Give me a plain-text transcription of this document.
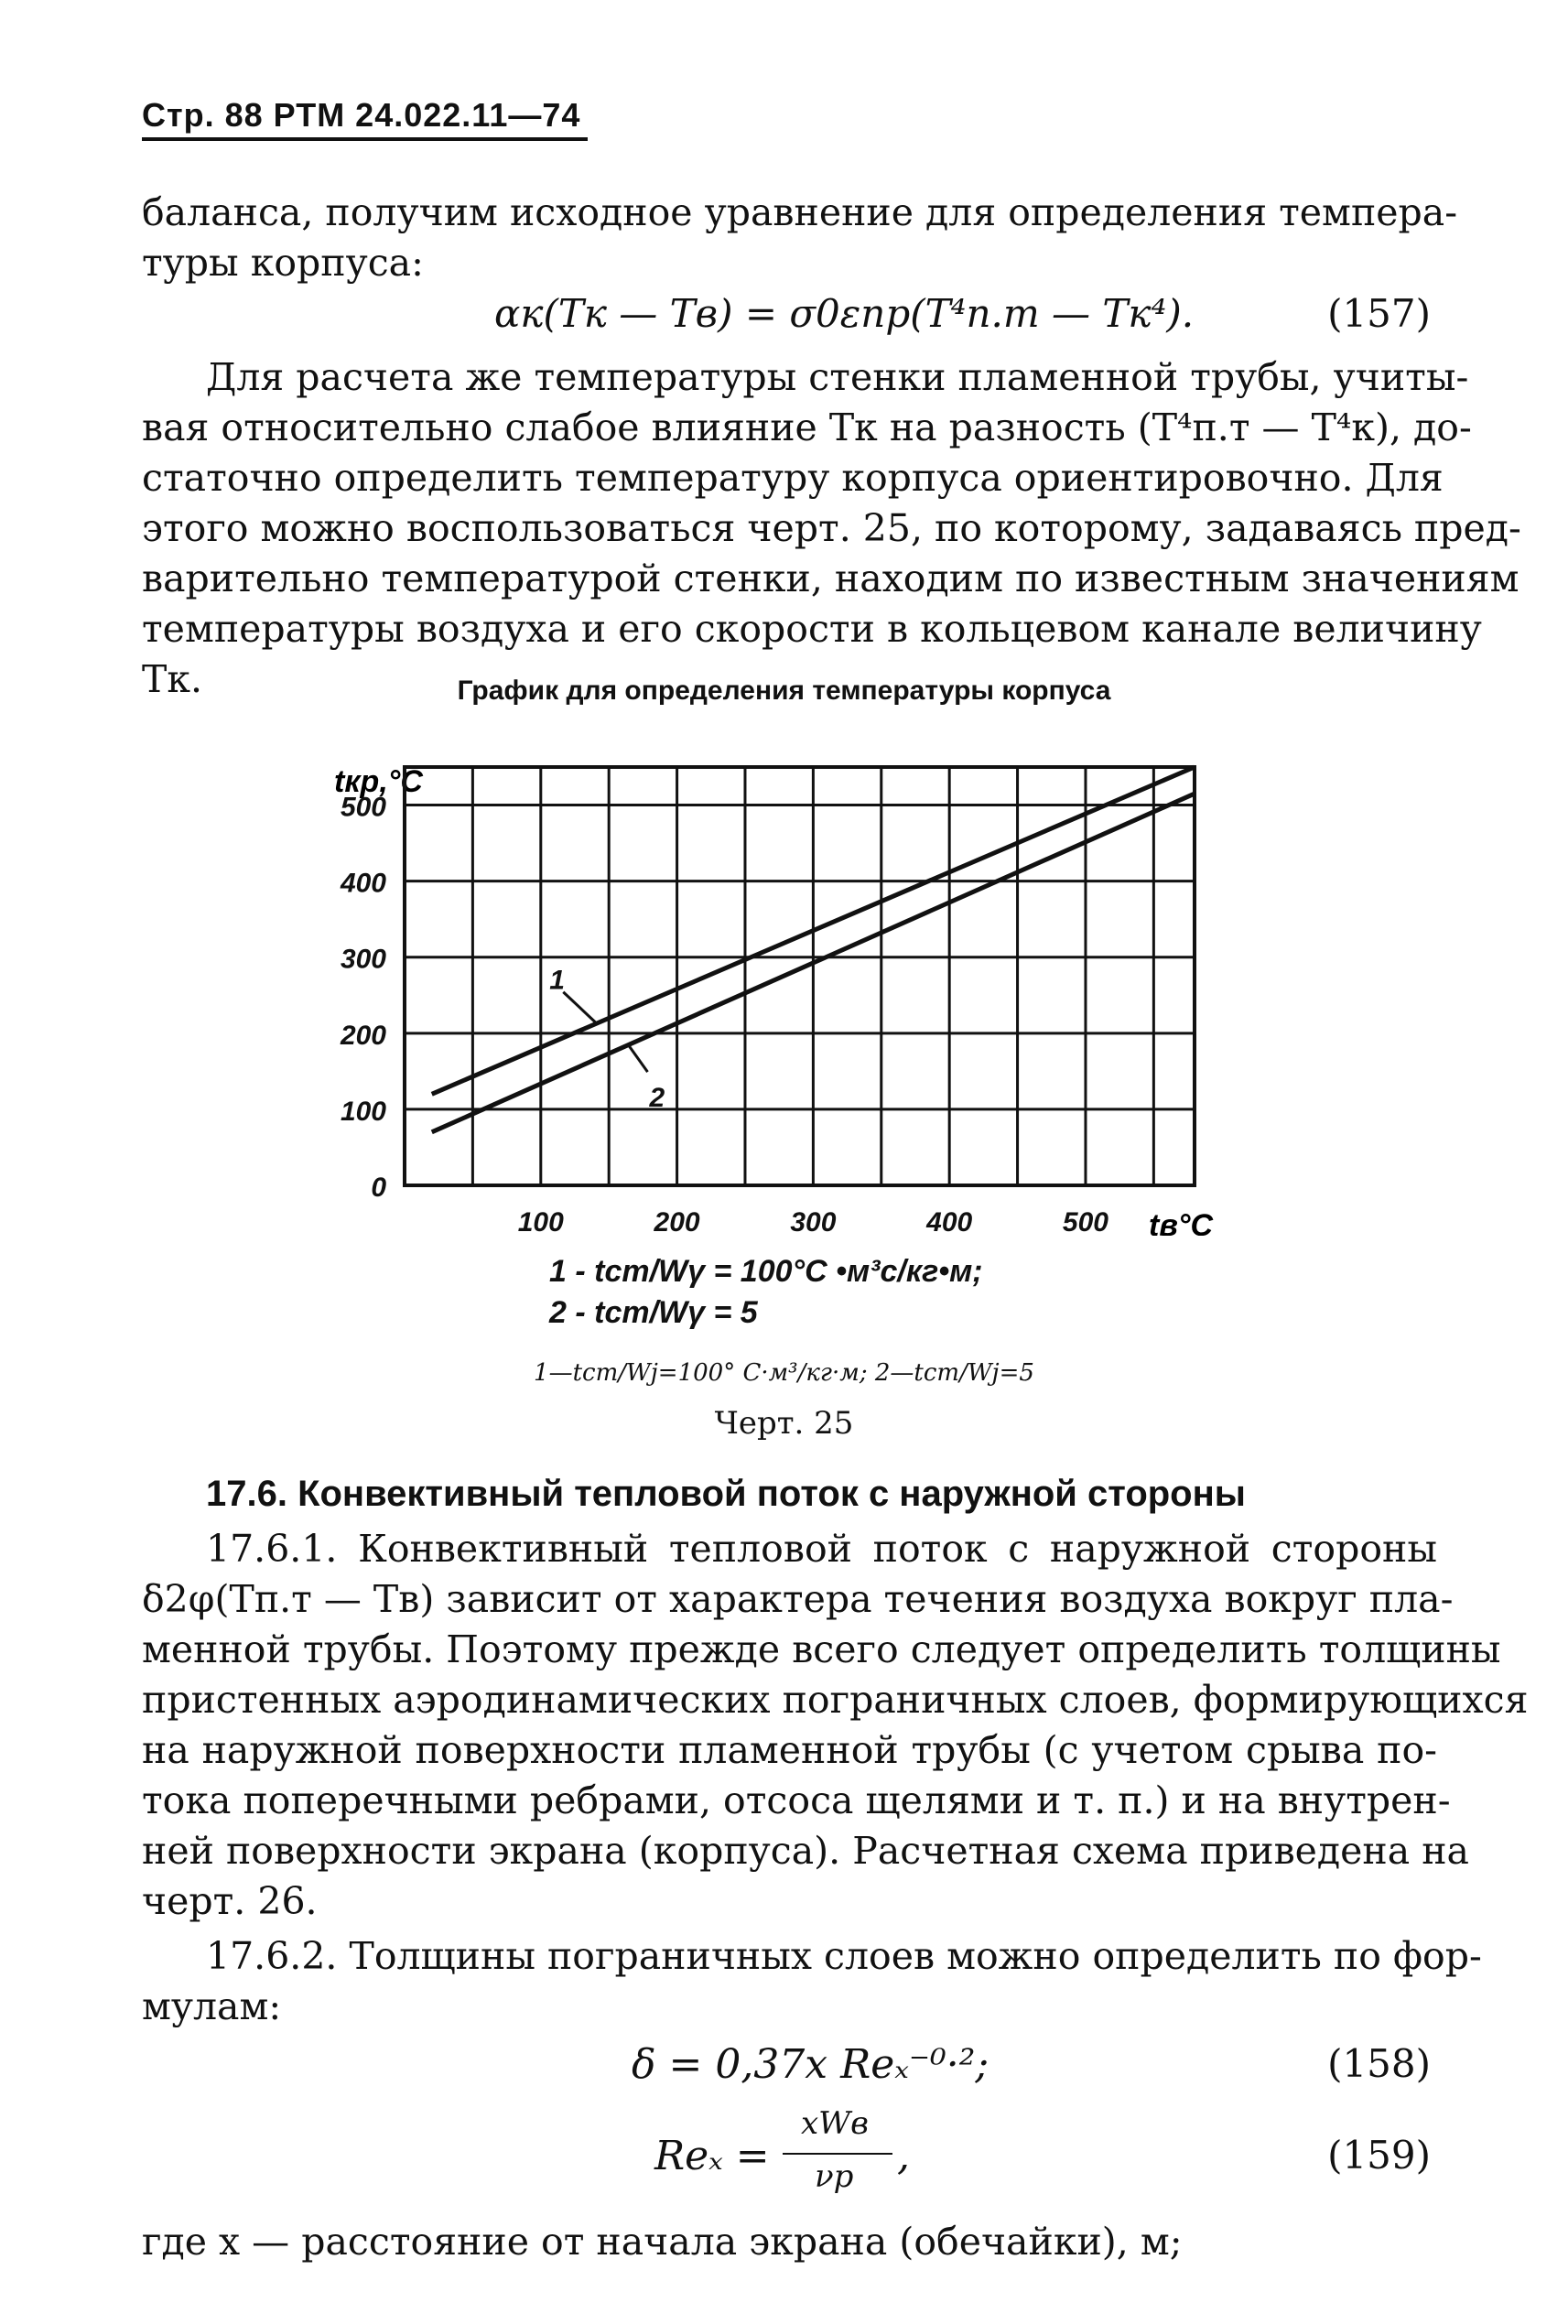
Стр. 88 РТМ 24.022.11—74
баланса, получим исходное уравнение для определения темпера-
туры корпуса:
αк(Tк — Tв) = σ0εпр(T⁴п.т — Tк⁴).	(157)
Для расчета же температуры стенки пламенной трубы, учиты-
вая относительно слабое влияние Tк на разность (T⁴п.т — T⁴к), до-
статочно определить температуру корпуса ориентировочно. Для
этого можно воспользоваться черт. 25, по которому, задаваясь пред-
варительно температурой стенки, находим по известным значениям
температуры воздуха и его скорости в кольцевом канале величину
Tк.	График для определения температуры корпуса
tкр,°C
tв°C
100	200	300	400	500
0
100
200
300
400
500
1
2
1 - tст/Wγ = 100°С •м³с/кг•м;
2 - tст/Wγ = 5
1—tст/Wj=100° С·м³/кг·м; 2—tст/Wj=5
Черт. 25
17.6. Конвективный тепловой поток с наружной стороны
17.6.1. Конвективный тепловой поток с наружной стороны
δ2φ(Tп.т — Tв) зависит от характера течения воздуха вокруг пла-
менной трубы. Поэтому прежде всего следует определить толщины
пристенных аэродинамических пограничных слоев, формирующихся
на наружной поверхности пламенной трубы (с учетом срыва по-
тока поперечными ребрами, отсоса щелями и т. п.) и на внутрен-
ней поверхности экрана (корпуса). Расчетная схема приведена на
черт. 26.
17.6.2. Толщины пограничных слоев можно определить по фор-
мулам:
δ = 0,37x Reₓ⁻⁰·²;	(158)
Reₓ =
xWв
νр ,	(159)
где x — расстояние от начала экрана (обечайки), м;
